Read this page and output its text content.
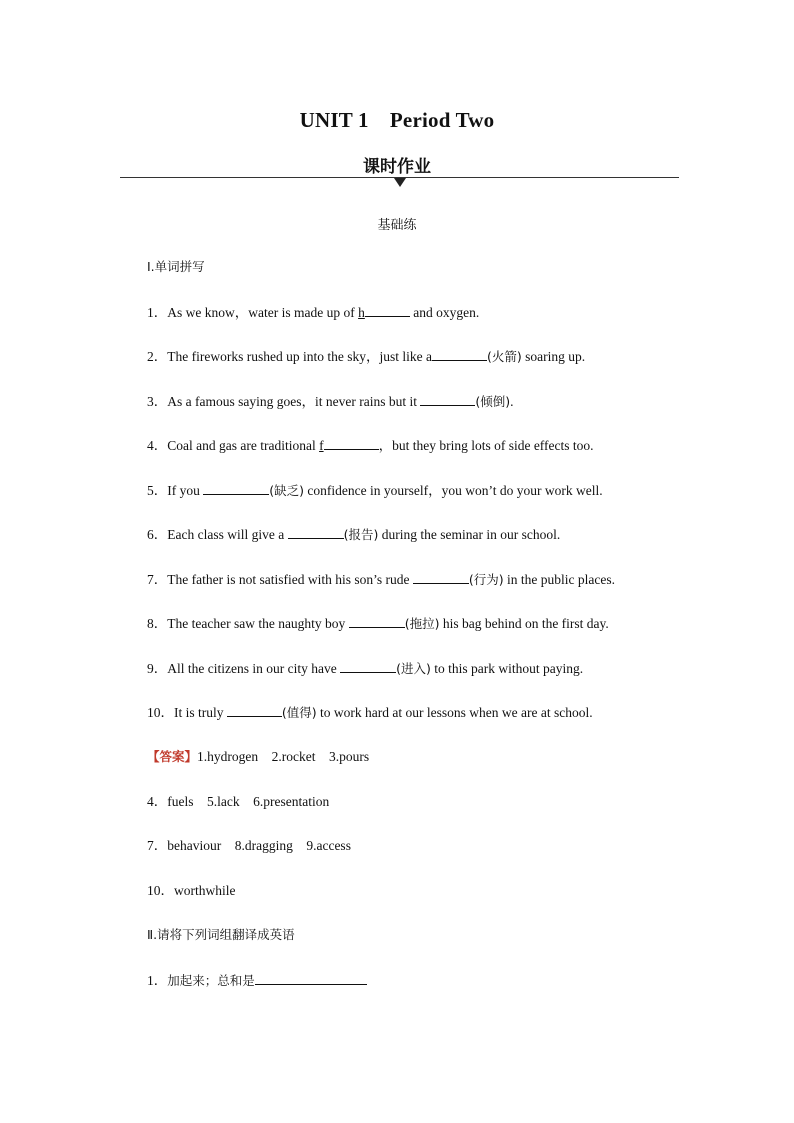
UNIT 1　Period Two
课时作业
基础练
Ⅰ.单词拼写
1．As we know，water is made up of h	and oxygen.
2．The fireworks rushed up into the sky，just like a	(火箭) soaring up.
3．As a famous saying goes，it never rains but it	(倾倒).
4．Coal and gas are traditional f	，but they bring lots of side effects too.
5．If you	(缺乏) confidence in yourself，you won’t do your work well.
6．Each class will give a	(报告) during the seminar in our school.
7．The father is not satisfied with his son’s rude	(行为) in the public places.
8．The teacher saw the naughty boy	(拖拉) his bag behind on the first day.
9．All the citizens in our city have	(进入) to this park without paying.
10．It is truly	(值得) to work hard at our lessons when we are at school.
【答案】1.hydrogen　2.rocket　3.pours
4．fuels　5.lack　6.presentation
7．behaviour　8.dragging　9.access
10．worthwhile
Ⅱ.请将下列词组翻译成英语
1．加起来；总和是
